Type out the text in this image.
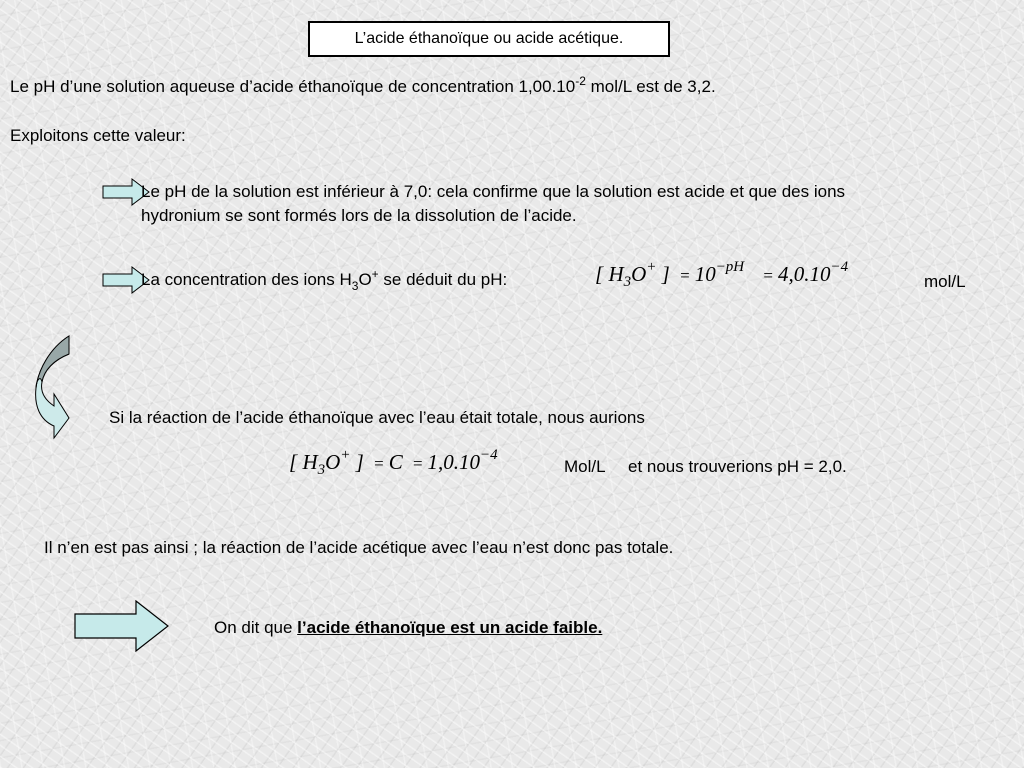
L’acide éthanoïque ou acide acétique.
Le pH d’une solution aqueuse d’acide éthanoïque de concentration $1,00.10^{-2}$ mol/L est de 3,2.
Exploitons cette valeur:
Le pH de la solution est inférieur à 7,0: cela confirme que la solution est acide et que des ions
hydronium se sont formés lors de la dissolution de l’acide.
La concentration des ions $H_3O^+$ se déduit du pH:	[ $H_3O^+$ ] = $10^{-pH} = 4,0.10^{-4}$
mol/L
Si la réaction de l’acide éthanoïque avec l’eau était totale, nous aurions
[ $H_3O^+$ ] = $C = 1,0.10^{-4}$
Mol/L et nous trouverions pH = 2,0.
Il n’en est pas ainsi ; la réaction de l’acide acétique avec l’eau n’est donc pas totale.
On dit que l’acide éthanoïque est un acide faible.
